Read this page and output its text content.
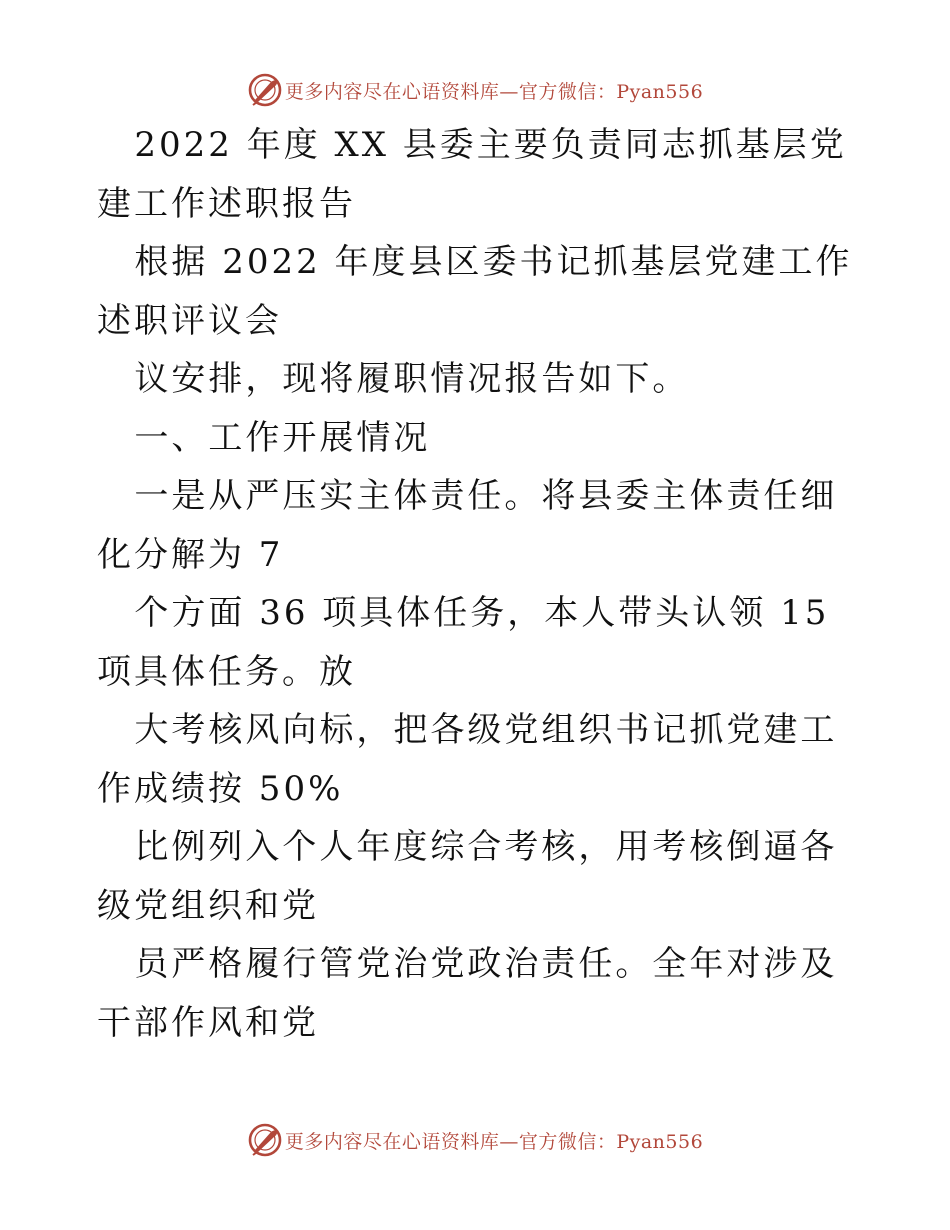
更多内容尽在心语资料库—官方微信：Pyan556

2022 年度 XX 县委主要负责同志抓基层党建工作述职报告

根据 2022 年度县区委书记抓基层党建工作述职评议会

议安排，现将履职情况报告如下。

一、工作开展情况

一是从严压实主体责任。将县委主体责任细化分解为 7

个方面 36 项具体任务，本人带头认领 15 项具体任务。放

大考核风向标，把各级党组织书记抓党建工作成绩按 50%

比例列入个人年度综合考核，用考核倒逼各级党组织和党

员严格履行管党治党政治责任。全年对涉及干部作风和党

更多内容尽在心语资料库—官方微信：Pyan556
